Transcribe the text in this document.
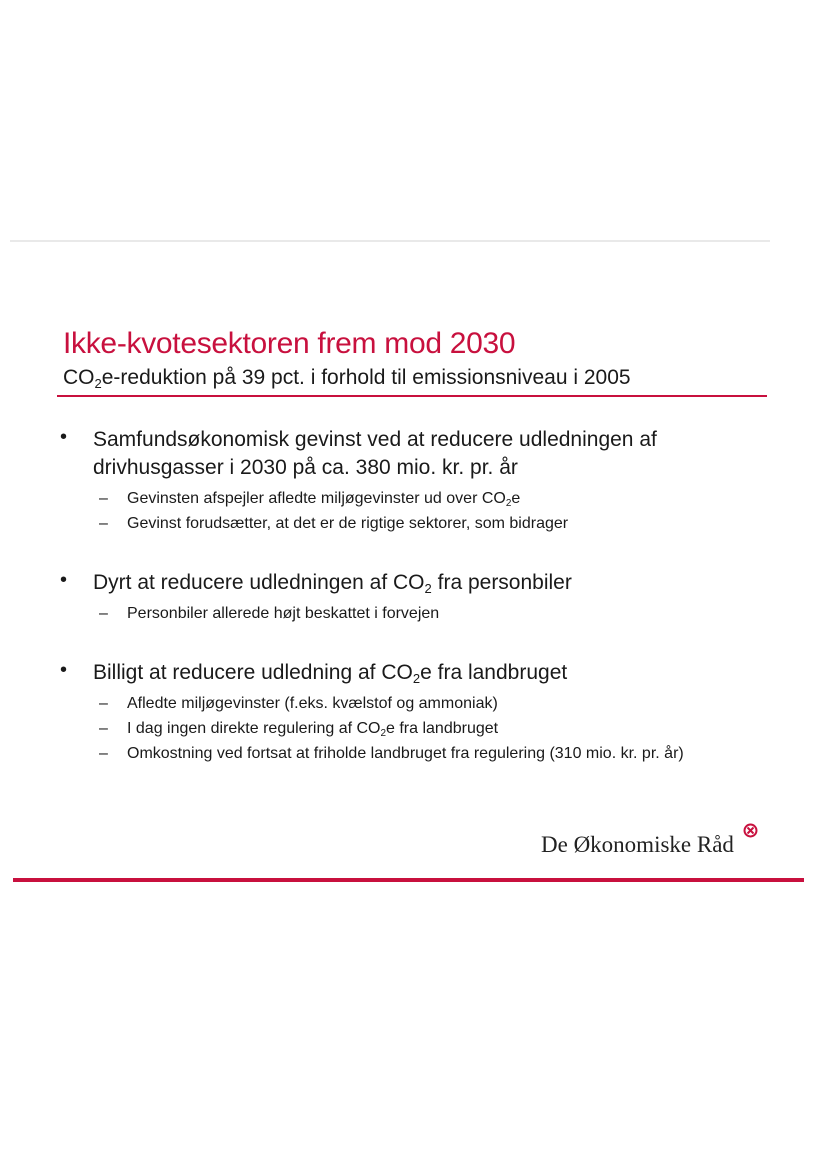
Ikke-kvotesektoren frem mod 2030
$CO_2e$-reduktion på 39 pct. i forhold til emissionsniveau i 2005
• Samfundsøkonomisk gevinst ved at reducere udledningen af drivhusgasser i 2030 på ca. 380 mio. kr. pr. år
– Gevinsten afspejler afledte miljøgevinster ud over $CO_2e$
– Gevinst forudsætter, at det er de rigtige sektorer, som bidrager
• Dyrt at reducere udledningen af $CO_2$ fra personbiler
– Personbiler allerede højt beskattet i forvejen
• Billigt at reducere udledning af $CO_2e$ fra landbruget
– Afledte miljøgevinster (f.eks. kvælstof og ammoniak)
– I dag ingen direkte regulering af $CO_2e$ fra landbruget
– Omkostning ved fortsat at friholde landbruget fra regulering (310 mio. kr. pr. år)
De Økonomiske Råd
